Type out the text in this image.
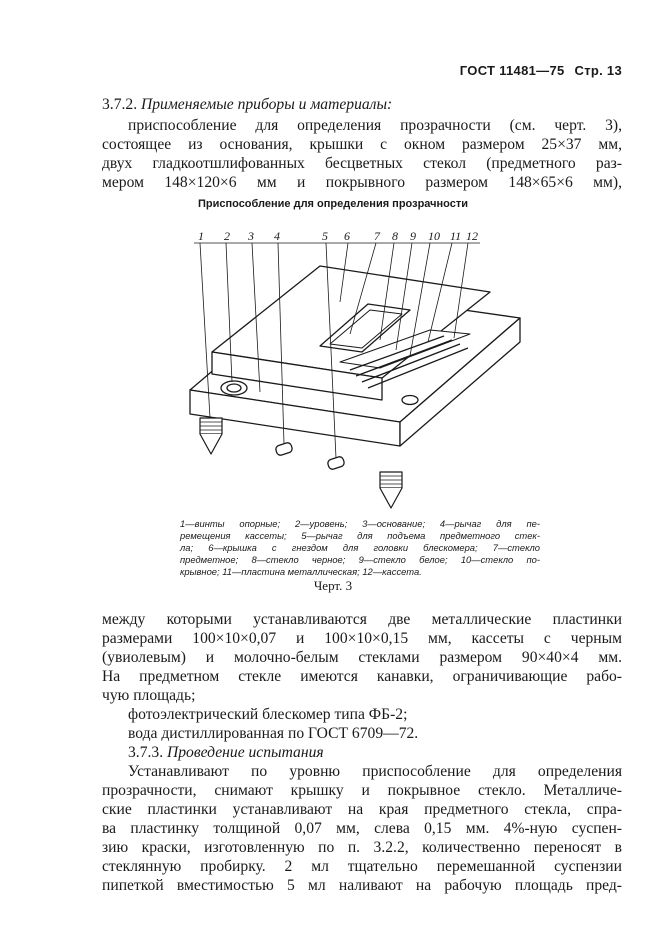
ГОСТ 11481—75 Стр. 13
3.7.2. Применяемые приборы и материалы:
приспособление для определения прозрачности (см. черт. 3),
состоящее из основания, крышки с окном размером 25×37 мм,
двух гладкоотшлифованных бесцветных стекол (предметного раз-
мером 148×120×6 мм и покрывного размером 148×65×6 мм),
Приспособление для определения прозрачности
1 2 3 4	5 6 7 8 9 10 11 12
1—винты опорные; 2—уровень; 3—основание; 4—рычаг для пе-
ремещения кассеты; 5—рычаг для подъема предметного стек-
ла; 6—крышка с гнездом для головки блескомера; 7—стекло
предметное; 8—стекло черное; 9—стекло белое; 10—стекло по-
крывное; 11—пластина металлическая; 12—кассета.
Черт. 3
между которыми устанавливаются две металлические пластинки
размерами 100×10×0,07 и 100×10×0,15 мм, кассеты с черным
(увиолевым) и молочно-белым стеклами размером 90×40×4 мм.
На предметном стекле имеются канавки, ограничивающие рабо-
чую площадь;
фотоэлектрический блескомер типа ФБ-2;
вода дистиллированная по ГОСТ 6709—72.
3.7.3. Проведение испытания
Устанавливают по уровню приспособление для определения
прозрачности, снимают крышку и покрывное стекло. Металличе-
ские пластинки устанавливают на края предметного стекла, спра-
ва пластинку толщиной 0,07 мм, слева 0,15 мм. 4%-ную суспен-
зию краски, изготовленную по п. 3.2.2, количественно переносят в
стеклянную пробирку. 2 мл тщательно перемешанной суспензии
пипеткой вместимостью 5 мл наливают на рабочую площадь пред-
